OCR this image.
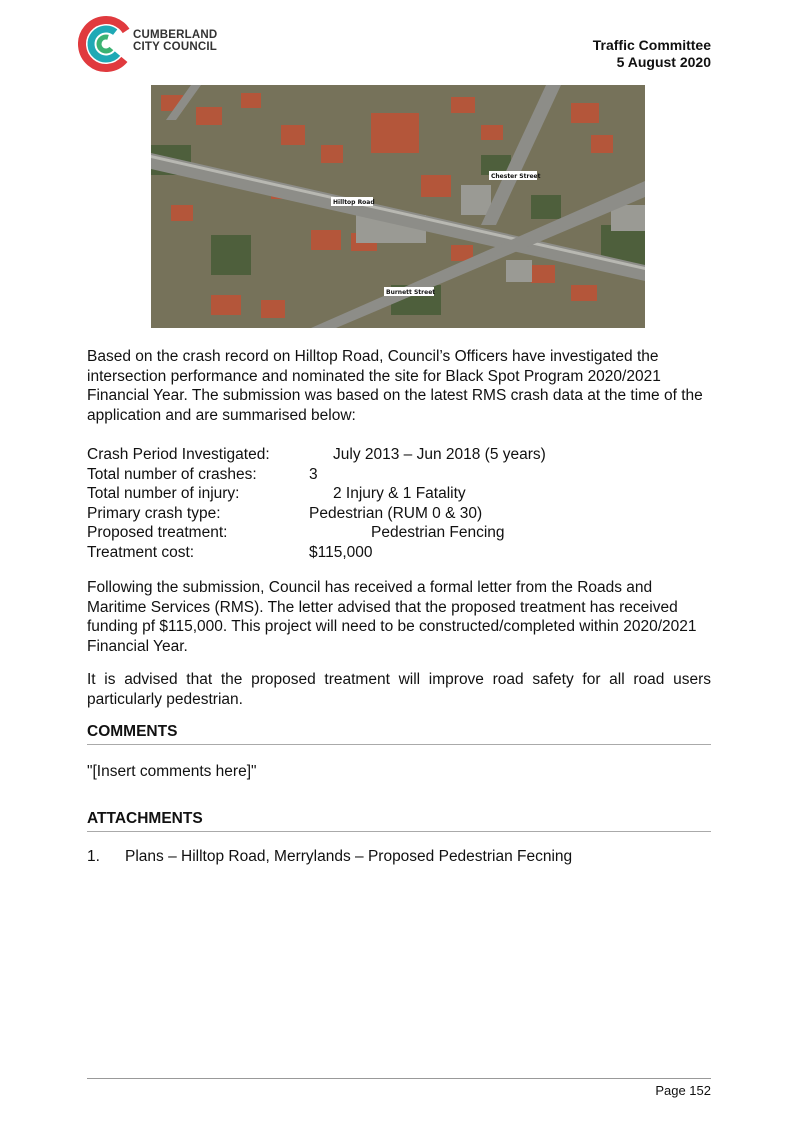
CUMBERLAND
CITY COUNCIL	Traffic Committee
5 August 2020
Chester Street
Hilltop Road
Burnett Street
Based on the crash record on Hilltop Road, Council’s Officers have investigated the intersection performance and nominated the site for Black Spot Program 2020/2021 Financial Year. The submission was based on the latest RMS crash data at the time of the application and are summarised below:
Crash Period Investigated:	July 2013 – Jun 2018 (5 years)
Total number of crashes:	3
Total number of injury:	2 Injury & 1 Fatality
Primary crash type:	Pedestrian (RUM 0 & 30)
Proposed treatment:	Pedestrian Fencing
Treatment cost:	$115,000
Following the submission, Council has received a formal letter from the Roads and Maritime Services (RMS). The letter advised that the proposed treatment has received funding pf $115,000. This project will need to be constructed/completed within 2020/2021 Financial Year.
It is advised that the proposed treatment will improve road safety for all road users particularly pedestrian.
COMMENTS
"[Insert comments here]"
ATTACHMENTS
1.	Plans – Hilltop Road, Merrylands – Proposed Pedestrian Fecning
Page 152
